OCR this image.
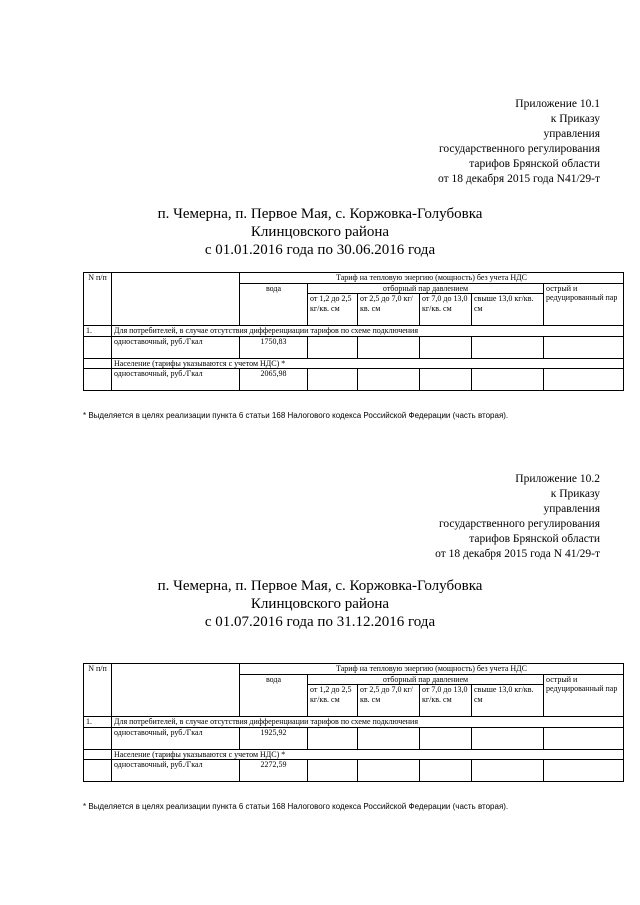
Приложение 10.1
к Приказу
управления
государственного регулирования
тарифов Брянской области
от 18 декабря 2015 года N41/29-т
п. Чемерна, п. Первое Мая, с. Коржовка-Голубовка
Клинцовского района
с 01.01.2016 года по 30.06.2016 года
N п/п		Тариф на тепловую энергию (мощность) без учета НДС					
		вода	отборный пар давлением				острый и редуцированный пар
			от 1,2 до 2,5 кг/кв. см	от 2,5 до 7,0 кг/кв. см	от 7,0 до 13,0 кг/кв. см	свыше 13,0 кг/кв. см	
1.	Для потребителей, в случае отсутствия дифференциации тарифов по схеме подключения						
	одноставочный, руб./Гкал	1750,83					
	Население (тарифы указываются с учетом НДС) *						
	одноставочный, руб./Гкал	2065,98					
* Выделяется в целях реализации пункта 6 статьи 168 Налогового кодекса Российской Федерации (часть вторая).
Приложение 10.2
к Приказу
управления
государственного регулирования
тарифов Брянской области
от 18 декабря 2015 года N 41/29-т
п. Чемерна, п. Первое Мая, с. Коржовка-Голубовка
Клинцовского района
с 01.07.2016 года по 31.12.2016 года
N п/п		Тариф на тепловую энергию (мощность) без учета НДС					
		вода	отборный пар давлением				острый и редуцированный пар
			от 1,2 до 2,5 кг/кв. см	от 2,5 до 7,0 кг/кв. см	от 7,0 до 13,0 кг/кв. см	свыше 13,0 кг/кв. см	
1.	Для потребителей, в случае отсутствия дифференциации тарифов по схеме подключения						
	одноставочный, руб./Гкал	1925,92					
	Население (тарифы указываются с учетом НДС) *						
	одноставочный, руб./Гкал	2272,59					
* Выделяется в целях реализации пункта 6 статьи 168 Налогового кодекса Российской Федерации (часть вторая).
